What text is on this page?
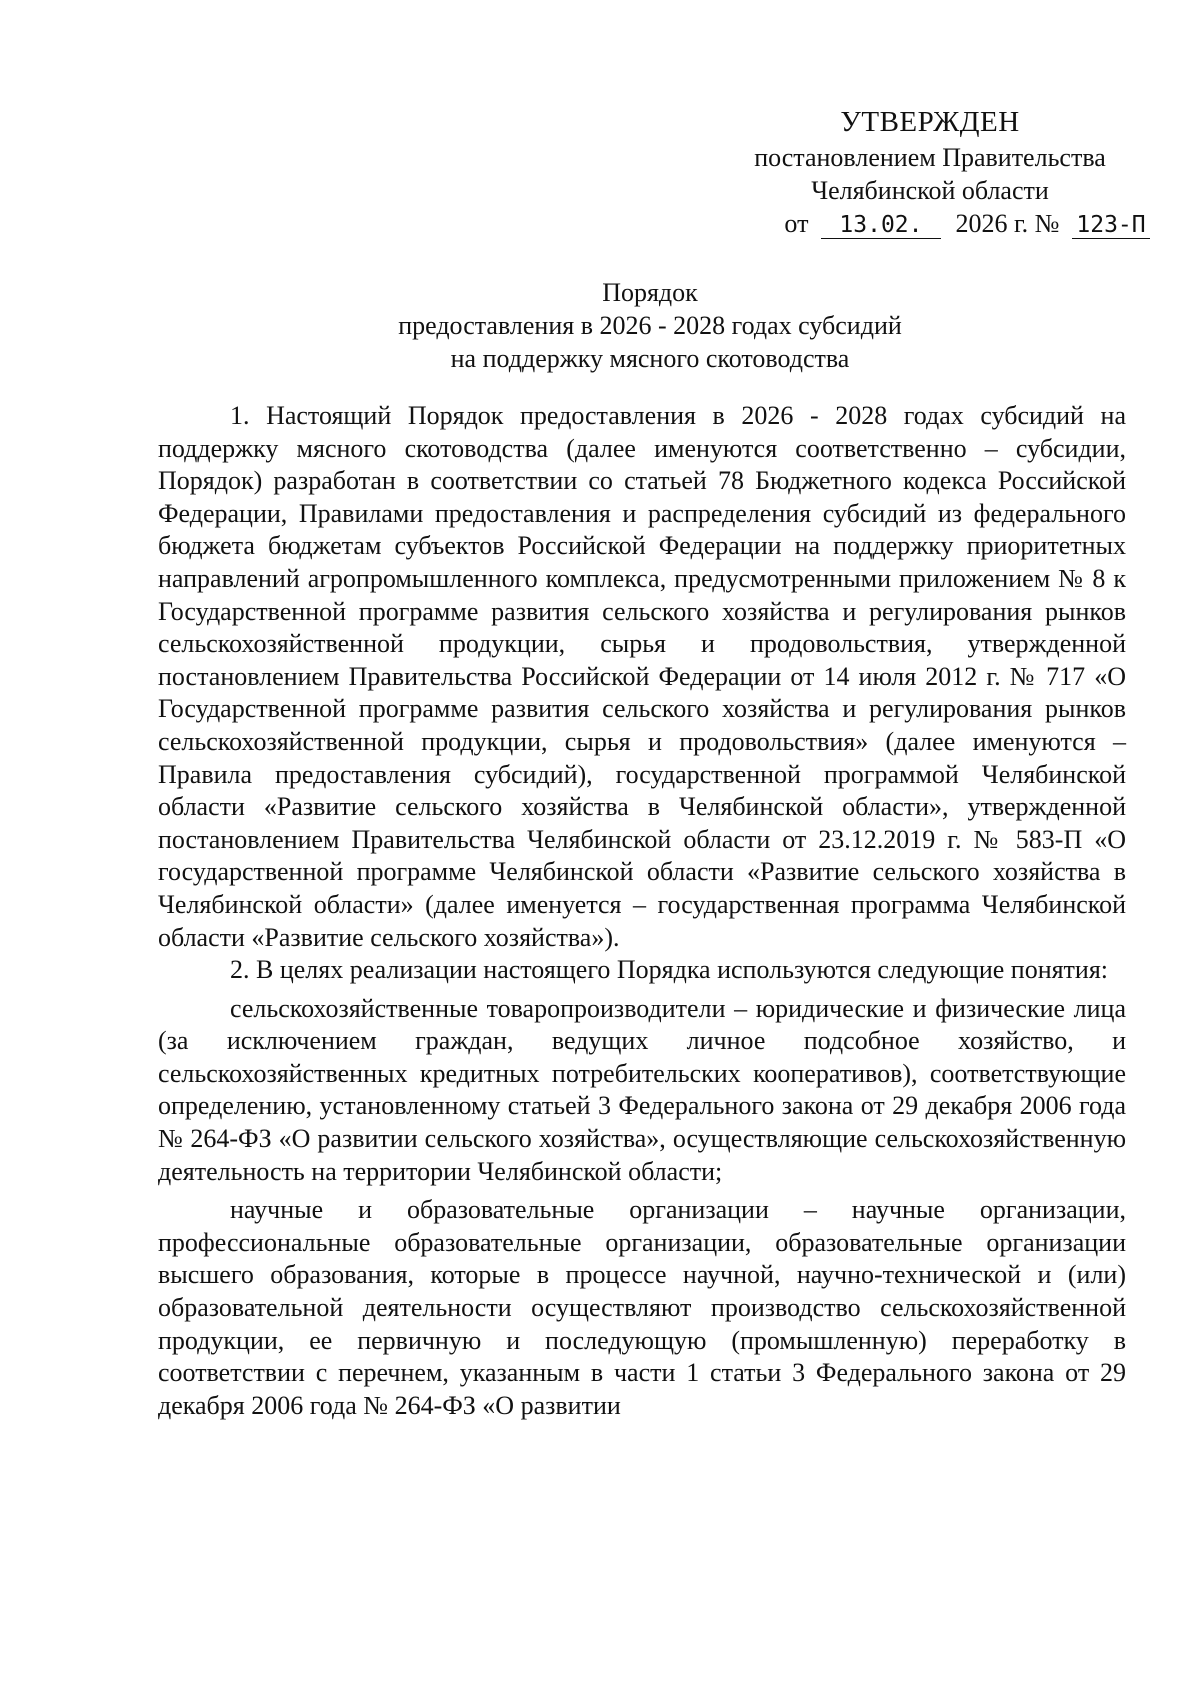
УТВЕРЖДЕН
постановлением Правительства
Челябинской области
от 13.02. 2026 г. № 123-П
Порядок
предоставления в 2026 - 2028 годах субсидий
на поддержку мясного скотоводства

1. Настоящий Порядок предоставления в 2026 - 2028 годах субсидий на поддержку мясного скотоводства (далее именуются соответственно – субсидии, Порядок) разработан в соответствии со статьей 78 Бюджетного кодекса Российской Федерации, Правилами предоставления и распределения субсидий из федерального бюджета бюджетам субъектов Российской Федерации на поддержку приоритетных направлений агропромышленного комплекса, предусмотренными приложением № 8 к Государственной программе развития сельского хозяйства и регулирования рынков сельскохозяйственной продукции, сырья и продовольствия, утвержденной постановлением Правительства Российской Федерации от 14 июля 2012 г. № 717 «О Государственной программе развития сельского хозяйства и регулирования рынков сельскохозяйственной продукции, сырья и продовольствия» (далее именуются – Правила предоставления субсидий), государственной программой Челябинской области «Развитие сельского хозяйства в Челябинской области», утвержденной постановлением Правительства Челябинской области от 23.12.2019 г. № 583-П «О государственной программе Челябинской области «Развитие сельского хозяйства в Челябинской области» (далее именуется – государственная программа Челябинской области «Развитие сельского хозяйства»).

2. В целях реализации настоящего Порядка используются следующие понятия:

сельскохозяйственные товаропроизводители – юридические и физические лица (за исключением граждан, ведущих личное подсобное хозяйство, и сельскохозяйственных кредитных потребительских кооперативов), соответствующие определению, установленному статьей 3 Федерального закона от 29 декабря 2006 года № 264-ФЗ «О развитии сельского хозяйства», осуществляющие сельскохозяйственную деятельность на территории Челябинской области;

научные и образовательные организации – научные организации, профессиональные образовательные организации, образовательные организации высшего образования, которые в процессе научной, научно-технической и (или) образовательной деятельности осуществляют производство сельскохозяйственной продукции, ее первичную и последующую (промышленную) переработку в соответствии с перечнем, указанным в части 1 статьи 3 Федерального закона от 29 декабря 2006 года № 264-ФЗ «О развитии
